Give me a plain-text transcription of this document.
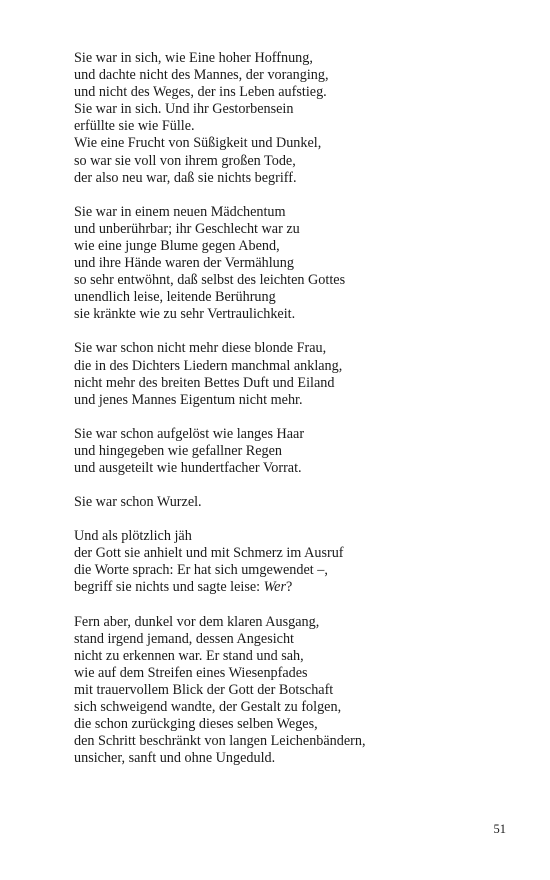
Sie war in sich, wie Eine hoher Hoffnung,
und dachte nicht des Mannes, der voranging,
und nicht des Weges, der ins Leben aufstieg.
Sie war in sich. Und ihr Gestorbensein
erfüllte sie wie Fülle.
Wie eine Frucht von Süßigkeit und Dunkel,
so war sie voll von ihrem großen Tode,
der also neu war, daß sie nichts begriff.
Sie war in einem neuen Mädchentum
und unberührbar; ihr Geschlecht war zu
wie eine junge Blume gegen Abend,
und ihre Hände waren der Vermählung
so sehr entwöhnt, daß selbst des leichten Gottes
unendlich leise, leitende Berührung
sie kränkte wie zu sehr Vertraulichkeit.
Sie war schon nicht mehr diese blonde Frau,
die in des Dichters Liedern manchmal anklang,
nicht mehr des breiten Bettes Duft und Eiland
und jenes Mannes Eigentum nicht mehr.
Sie war schon aufgelöst wie langes Haar
und hingegeben wie gefallner Regen
und ausgeteilt wie hundertfacher Vorrat.
Sie war schon Wurzel.
Und als plötzlich jäh
der Gott sie anhielt und mit Schmerz im Ausruf
die Worte sprach: Er hat sich umgewendet –,
begriff sie nichts und sagte leise: Wer?
Fern aber, dunkel vor dem klaren Ausgang,
stand irgend jemand, dessen Angesicht
nicht zu erkennen war. Er stand und sah,
wie auf dem Streifen eines Wiesenpfades
mit trauervollem Blick der Gott der Botschaft
sich schweigend wandte, der Gestalt zu folgen,
die schon zurückging dieses selben Weges,
den Schritt beschränkt von langen Leichenbändern,
unsicher, sanft und ohne Ungeduld.
51
